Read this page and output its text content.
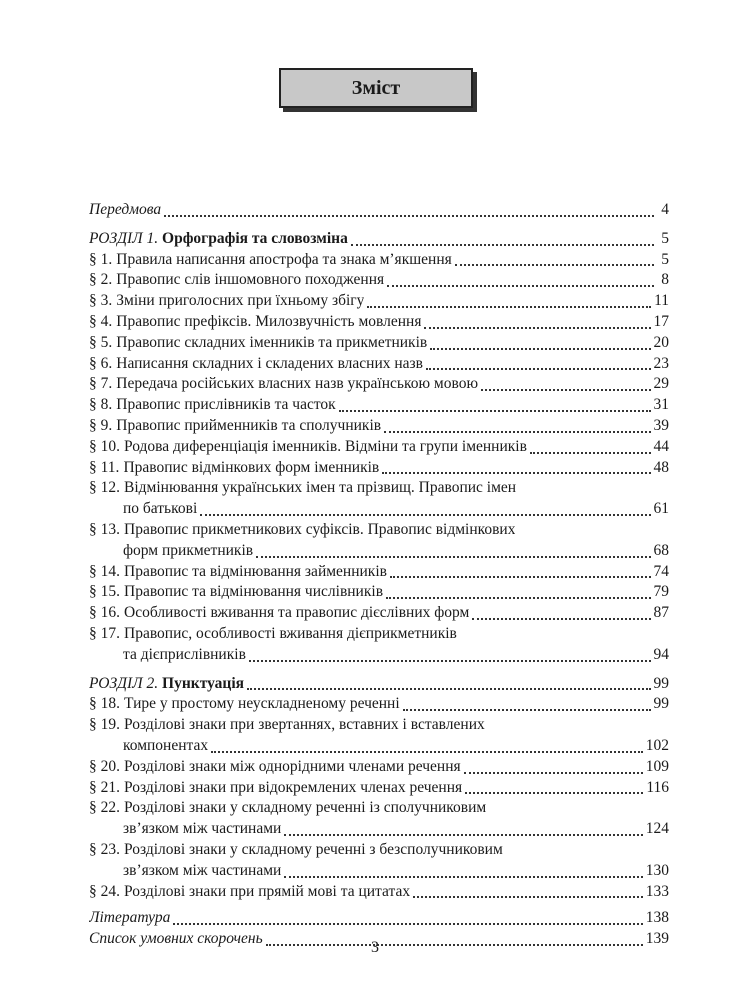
Зміст
Передмова	4
РОЗДІЛ 1. Орфографія та словозміна	5
§ 1. Правила написання апострофа та знака м’якшення	5
§ 2. Правопис слів іншомовного походження	8
§ 3. Зміни приголосних при їхньому збігу	11
§ 4. Правопис префіксів. Милозвучність мовлення	17
§ 5. Правопис складних іменників та прикметників	20
§ 6. Написання складних і складених власних назв	23
§ 7. Передача російських власних назв українською мовою	29
§ 8. Правопис прислівників та часток	31
§ 9. Правопис прийменників та сполучників	39
§ 10. Родова диференціація іменників. Відміни та групи іменників	44
§ 11. Правопис відмінкових форм іменників	48
§ 12. Відмінювання українських імен та прізвищ. Правопис імен
по батькові	61
§ 13. Правопис прикметникових суфіксів. Правопис відмінкових
форм прикметників	68
§ 14. Правопис та відмінювання займенників	74
§ 15. Правопис та відмінювання числівників	79
§ 16. Особливості вживання та правопис дієслівних форм	87
§ 17. Правопис, особливості вживання дієприкметників
та дієприслівників	94
РОЗДІЛ 2. Пунктуація	99
§ 18. Тире у простому неускладненому реченні	99
§ 19. Розділові знаки при звертаннях, вставних і вставлених
компонентах	102
§ 20. Розділові знаки між однорідними членами речення	109
§ 21. Розділові знаки при відокремлених членах речення	116
§ 22. Розділові знаки у складному реченні із сполучниковим
зв’язком між частинами	124
§ 23. Розділові знаки у складному реченні з безсполучниковим
зв’язком між частинами	130
§ 24. Розділові знаки при прямій мові та цитатах	133
Література	138
Список умовних скорочень	139
3
